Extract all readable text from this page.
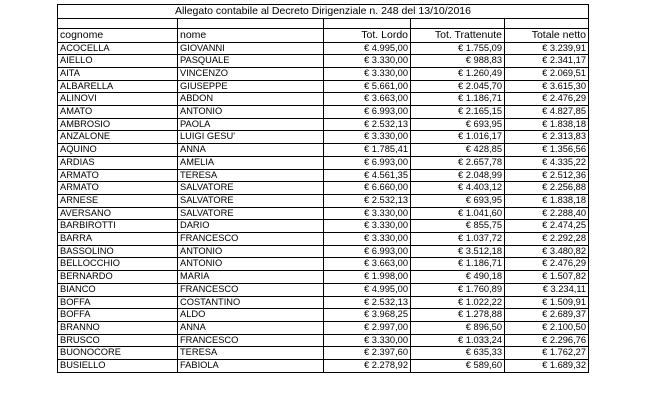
Allegato contabile al Decreto Dirigenziale n. 248 del 13/10/2016				

cognome	nome	Tot. Lordo	Tot. Trattenute	Totale netto
ACOCELLA	GIOVANNI	€ 4.995,00	€ 1.755,09	€ 3.239,91
AIELLO	PASQUALE	€ 3.330,00	€ 988,83	€ 2.341,17
AITA	VINCENZO	€ 3.330,00	€ 1.260,49	€ 2.069,51
ALBARELLA	GIUSEPPE	€ 5.661,00	€ 2.045,70	€ 3.615,30
ALINOVI	ABDON	€ 3.663,00	€ 1.186,71	€ 2.476,29
AMATO	ANTONIO	€ 6.993,00	€ 2.165,15	€ 4.827,85
AMBROSIO	PAOLA	€ 2.532,13	€ 693,95	€ 1.838,18
ANZALONE	LUIGI GESU'	€ 3.330,00	€ 1.016,17	€ 2.313,83
AQUINO	ANNA	€ 1.785,41	€ 428,85	€ 1.356,56
ARDIAS	AMELIA	€ 6.993,00	€ 2.657,78	€ 4.335,22
ARMATO	TERESA	€ 4.561,35	€ 2.048,99	€ 2.512,36
ARMATO	SALVATORE	€ 6.660,00	€ 4.403,12	€ 2.256,88
ARNESE	SALVATORE	€ 2.532,13	€ 693,95	€ 1.838,18
AVERSANO	SALVATORE	€ 3.330,00	€ 1.041,60	€ 2.288,40
BARBIROTTI	DARIO	€ 3.330,00	€ 855,75	€ 2.474,25
BARRA	FRANCESCO	€ 3.330,00	€ 1.037,72	€ 2.292,28
BASSOLINO	ANTONIO	€ 6.993,00	€ 3.512,18	€ 3.480,82
BELLOCCHIO	ANTONIO	€ 3.663,00	€ 1.186,71	€ 2.476,29
BERNARDO	MARIA	€ 1.998,00	€ 490,18	€ 1.507,82
BIANCO	FRANCESCO	€ 4.995,00	€ 1.760,89	€ 3.234,11
BOFFA	COSTANTINO	€ 2.532,13	€ 1.022,22	€ 1.509,91
BOFFA	ALDO	€ 3.968,25	€ 1.278,88	€ 2.689,37
BRANNO	ANNA	€ 2.997,00	€ 896,50	€ 2.100,50
BRUSCO	FRANCESCO	€ 3.330,00	€ 1.033,24	€ 2.296,76
BUONOCORE	TERESA	€ 2.397,60	€ 635,33	€ 1.762,27
BUSIELLO	FABIOLA	€ 2.278,92	€ 589,60	€ 1.689,32
